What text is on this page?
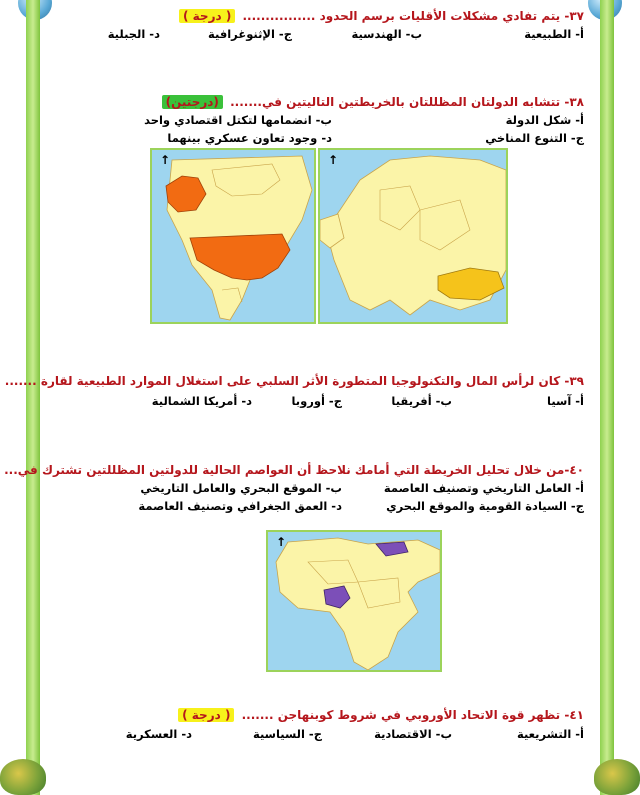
٣٧- يتم تفادي مشكلات الأقليات برسم الحدود ................ ( درجة )
أ- الطبيعية
ب- الهندسية
ج- الإثنوغرافية
د- الجبلية
٣٨- تتشابه الدولتان المظللتان بالخريطتين التاليتين في....... (درجتين)
أ- شكل الدولة
ب- انضمامها لتكتل اقتصادي واحد
ج- التنوع المناخي
د- وجود تعاون عسكري بينهما
↑	↑
٣٩- كان لرأس المال والتكنولوجيا المتطورة الأثر السلبي على استغلال الموارد الطبيعية لقارة .......
أ- آسيا
ب- أفريقيا
ج- أوروبا
د- أمريكا الشمالية
٤٠-من خلال تحليل الخريطة التي أمامك نلاحظ أن العواصم الحالية للدولتين المظللتين تشترك في...
أ- العامل التاريخي وتصنيف العاصمة
ب- الموقع البحري والعامل التاريخي
ج- السيادة القومية والموقع البحري
د- العمق الجغرافي وتصنيف العاصمة
٤١- تظهر قوة الاتحاد الأوروبي في شروط كوبنهاجن ....... ( درجة )
أ- التشريعية
ب- الاقتصادية
ج- السياسية
د- العسكرية
↑
